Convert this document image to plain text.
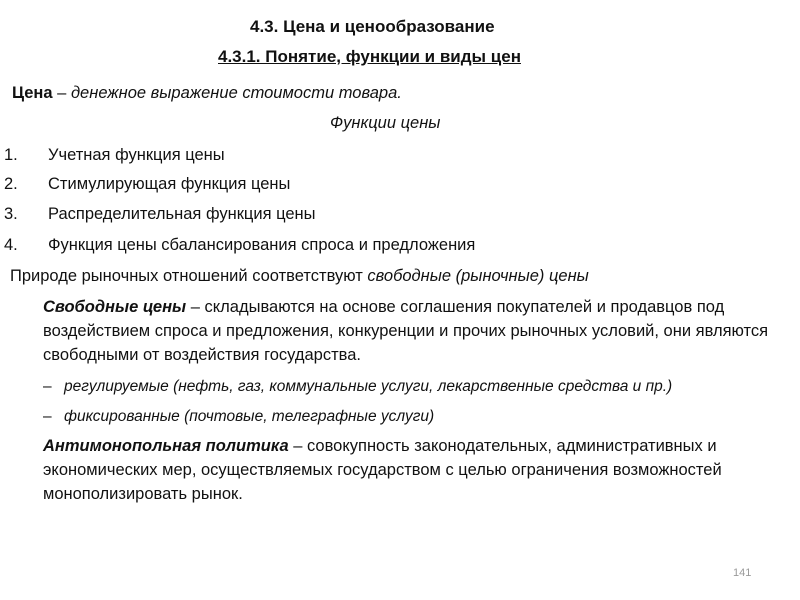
4.3. Цена и ценообразование
4.3.1. Понятие, функции и виды цен
Цена – денежное выражение стоимости товара.
Функции цены
1. Учетная функция цены
2. Стимулирующая функция цены
3. Распределительная функция цены
4. Функция цены сбалансирования спроса и предложения
Природе рыночных отношений соответствуют свободные (рыночные) цены
Свободные цены – складываются на основе соглашения покупателей и продавцов под воздействием спроса и предложения, конкуренции и прочих рыночных условий, они являются свободными от воздействия государства.
– регулируемые (нефть, газ, коммунальные услуги, лекарственные средства и пр.)
– фиксированные (почтовые, телеграфные услуги)
Антимонопольная политика – совокупность законодательных, административных и экономических мер, осуществляемых государством с целью ограничения возможностей монополизировать рынок.
141
